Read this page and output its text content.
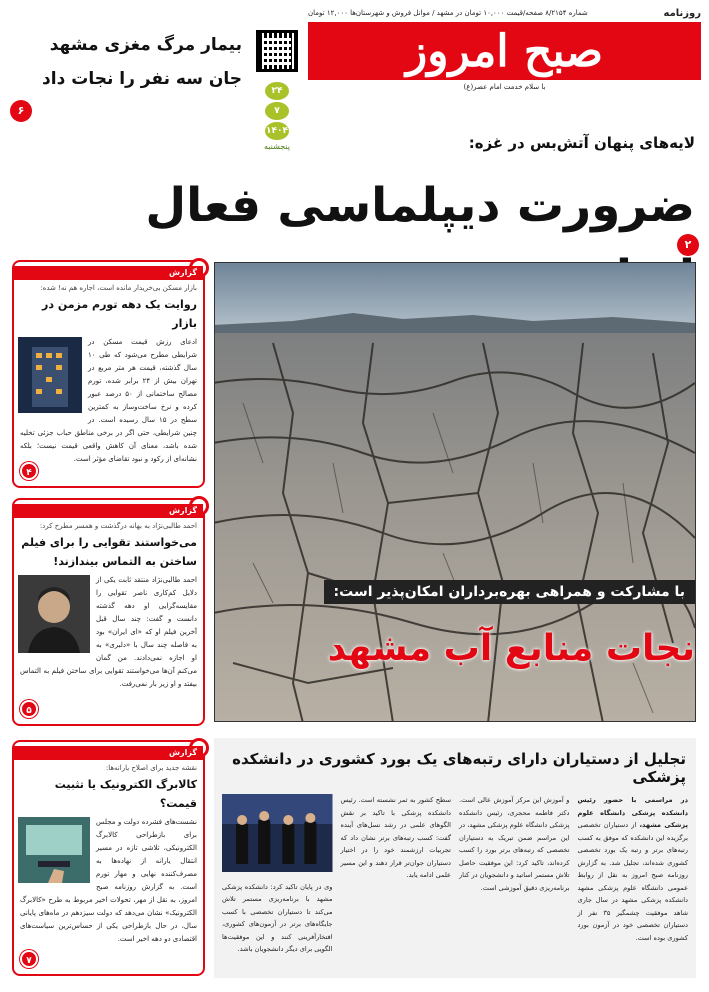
روزنامه
شماره ۸/۲۱۵۴ صفحه/قیمت ۱۰,۰۰۰ تومان در مشهد / موانل فروش و شهرستان‌ها ۱۲,۰۰۰ تومان
صبح امروز
با سلام خدمت امام عصر(ع)
۲۴
۷
۱۴۰۴
پنجشنبه
بیمار مرگ مغزی مشهد
جان سه نفر را نجات داد
۶
لایه‌های پنهان آتش‌بس در غزه:
ضرورت دیپلماسی فعال
۲
با مشارکت و همراهی بهره‌برداران امکان‌پذیر است:
نجات منابع آب مشهد
گزارش
بازار مسکن بی‌خریدار مانده است، اجاره هم نه! شده:
روایت یک دهه تورم مزمن در بازار
ادعای رزش قیمت مسکن در شرایطی مطرح می‌شود که طی ۱۰ سال گذشته، قیمت هر متر مربع در تهران بیش از ۲۴ برابر شده، تورم مصالح ساختمانی از ۵۰ درصد عبور کرده و نرخ ساخت‌وساز به کمترین سطح در ۱۵ سال رسیده است. در چنین شرایطی، حتی اگر در برخی مناطق حباب جزئی تخلیه شده باشد، معنای آن کاهش واقعی قیمت نیست؛ بلکه نشانه‌ای از رکود و نبود تقاضای مؤثر است.
۴
گزارش
احمد طالبی‌نژاد به بهانه درگذشت و همسر مطرح کرد:
می‌خواستند تقوایی را برای فیلم ساختن به التماس بیندازند!
احمد طالبی‌نژاد منتقد ثابت یکی از دلایل کم‌کاری ناصر تقوایی را مقایسه‌گرایی او دهه گذشته دانست و گفت: چند سال قبل آخرین فیلم او که «ای ایران» بود به فاصله چند سال با «دلبری» به او اجازه نمی‌دادند. من گمان می‌کنم آن‌ها می‌خواستند تقوایی برای ساختن فیلم به التماس بیفتد و او زیر بار نمی‌رفت.
۵
گزارش
نقشه جدید برای اصلاح یارانه‌ها:
کالابرگ الکترونیک یا تثبیت قیمت؟
نشست‌های فشرده دولت و مجلس برای بازطراحی کالابرگ الکترونیکی، تلاشی تازه در مسیر انتقال یارانه از نهاده‌ها به مصرف‌کننده نهایی و مهار تورم است. به گزارش روزنامه صبح امروز، به نقل از مهر، تحولات اخیر مربوط به طرح «کالابرگ الکترونیک» نشان می‌دهد که دولت سیزدهم در ماه‌های پایانی سال، در حال بازطراحی یکی از حساس‌ترین سیاست‌های اقتصادی دو دهه اخیر است.
۷
تجلیل از دستیاران دارای رتبه‌های یک بورد کشوری در دانشکده پزشکی
در مراسمی با حضور رئیس دانشکده پزشکی دانشگاه علوم پزشکی مشهد، از دستیاران تخصصی برگزیده این دانشکده که موفق به کسب رتبه‌های برتر و رتبه یک بورد تخصصی کشوری شده‌اند، تجلیل شد. به گزارش روزنامه صبح امروز به نقل از روابط عمومی دانشگاه علوم پزشکی مشهد دانشکده پزشکی مشهد در سال جاری شاهد موفقیت چشمگیر ۳۵ نفر از دستیاران تخصصی خود در آزمون بورد کشوری بوده است.
و آموزش این مرکز آموزش عالی است. دکتر فاطمه محجری، رئیس دانشکده پزشکی دانشگاه علوم پزشکی مشهد، در این مراسم ضمن تبریک به دستیاران تخصصی که رتبه‌های برتر بورد را کسب کرده‌اند، تاکید کرد: این موفقیت حاصل تلاش مستمر اساتید و دانشجویان در کنار برنامه‌ریزی دقیق آموزشی است.
سطح کشور به ثمر نشسته است. رئیس دانشکده پزشکی با تاکید بر نقش الگوهای علمی در رشد نسل‌های آینده گفت: کسب رتبه‌های برتر نشان داد که تجربیات ارزشمند خود را در اختیار دستیاران جوان‌تر قرار دهند و این مسیر علمی ادامه یابد.
وی در پایان تاکید کرد: دانشکده پزشکی مشهد با برنامه‌ریزی مستمر تلاش می‌کند تا دستیاران تخصصی با کسب جایگاه‌های برتر در آزمون‌های کشوری، افتخارآفرینی کنند و این موفقیت‌ها الگویی برای دیگر دانشجویان باشد.
